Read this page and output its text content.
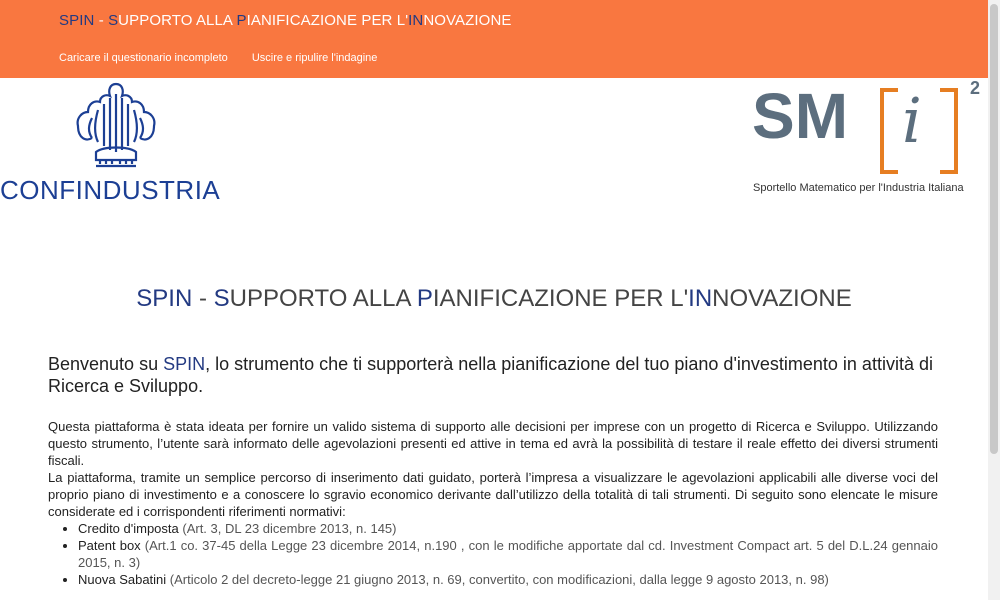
SPIN - SUPPORTO ALLA PIANIFICAZIONE PER L'INNOVAZIONE
Caricare il questionario incompleto Uscire e ripulire l'indagine
CONFINDUSTRIA
SM i	2
Sportello Matematico per l'Industria Italiana
SPIN - SUPPORTO ALLA PIANIFICAZIONE PER L'INNOVAZIONE
Benvenuto su SPIN, lo strumento che ti supporterà nella pianificazione del tuo piano d'investimento in attività di Ricerca e Sviluppo.

Questa piattaforma è stata ideata per fornire un valido sistema di supporto alle decisioni per imprese con un progetto di Ricerca e Sviluppo. Utilizzando questo strumento, l’utente sarà informato delle agevolazioni presenti ed attive in tema ed avrà la possibilità di testare il reale effetto dei diversi strumenti fiscali.

La piattaforma, tramite un semplice percorso di inserimento dati guidato, porterà l’impresa a visualizzare le agevolazioni applicabili alle diverse voci del proprio piano di investimento e a conoscere lo sgravio economico derivante dall’utilizzo della totalità di tali strumenti. Di seguito sono elencate le misure considerate ed i corrispondenti riferimenti normativi:

• Credito d'imposta (Art. 3, DL 23 dicembre 2013, n. 145)
• Patent box (Art.1 co. 37-45 della Legge 23 dicembre 2014, n.190 , con le modifiche apportate dal cd. Investment Compact art. 5 del D.L.24 gennaio 2015, n. 3)
• Nuova Sabatini (Articolo 2 del decreto-legge 21 giugno 2013, n. 69, convertito, con modificazioni, dalla legge 9 agosto 2013, n. 98)
